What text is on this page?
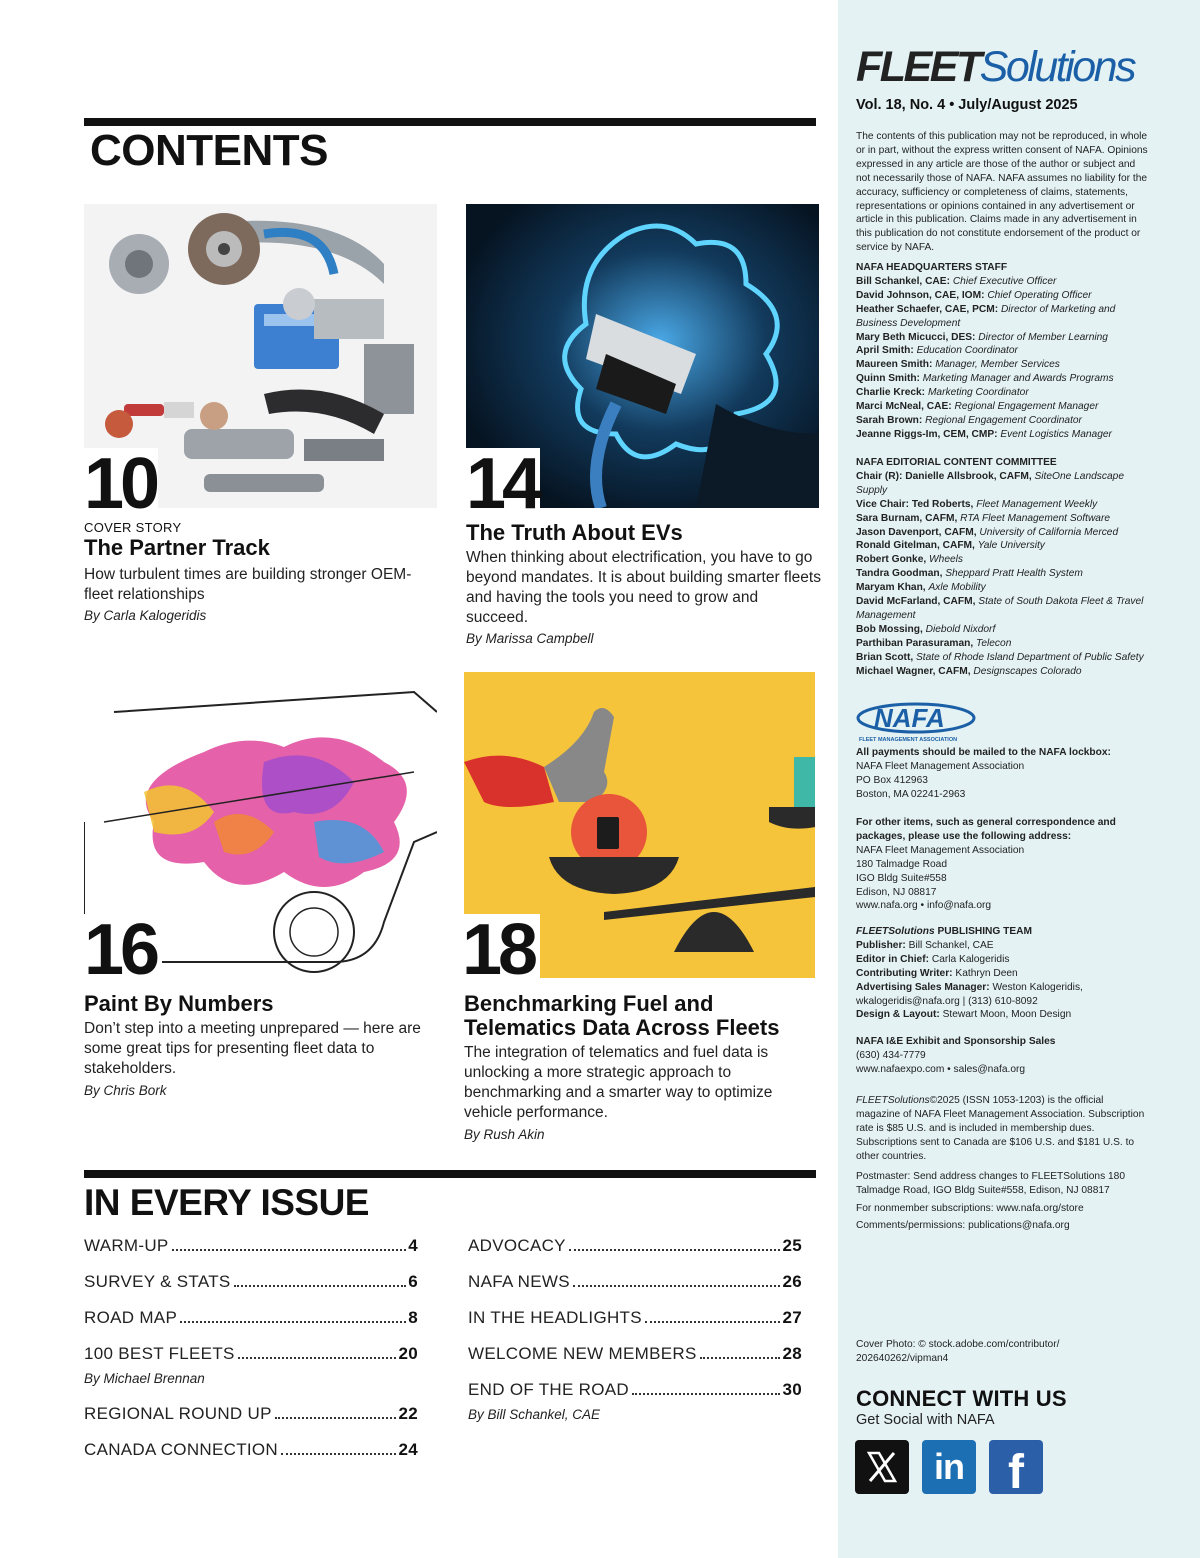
CONTENTS
10
COVER STORY
The Partner Track
How turbulent times are building stronger OEM-fleet relationships
By Carla Kalogeridis
14
The Truth About EVs
When thinking about electrification, you have to go beyond mandates. It is about building smarter fleets and having the tools you need to grow and succeed.
By Marissa Campbell
16
Paint By Numbers
Don’t step into a meeting unprepared — here are some great tips for presenting fleet data to stakeholders.
By Chris Bork
18
Benchmarking Fuel and Telematics Data Across Fleets
The integration of telematics and fuel data is unlocking a more strategic approach to benchmarking and a smarter way to optimize vehicle performance.
By Rush Akin
IN EVERY ISSUE
WARM-UP	4
SURVEY & STATS	6
ROAD MAP	8
100 BEST FLEETS	20
By Michael Brennan
REGIONAL ROUND UP	22
CANADA CONNECTION	24
ADVOCACY	25
NAFA NEWS	26
IN THE HEADLIGHTS	27
WELCOME NEW MEMBERS	28
END OF THE ROAD	30
By Bill Schankel, CAE
FLEETSolutions
Vol. 18, No. 4 • July/August 2025
The contents of this publication may not be reproduced, in whole or in part, without the express written consent of NAFA. Opinions expressed in any article are those of the author or subject and not necessarily those of NAFA. NAFA assumes no liability for the accuracy, sufficiency or completeness of claims, statements, representations or opinions contained in any advertisement or article in this publication. Claims made in any advertisement in this publication do not constitute endorsement of the product or service by NAFA.
NAFA HEADQUARTERS STAFF
Bill Schankel, CAE: Chief Executive Officer
David Johnson, CAE, IOM: Chief Operating Officer
Heather Schaefer, CAE, PCM: Director of Marketing and Business Development
Mary Beth Micucci, DES: Director of Member Learning
April Smith: Education Coordinator
Maureen Smith: Manager, Member Services
Quinn Smith: Marketing Manager and Awards Programs
Charlie Kreck: Marketing Coordinator
Marci McNeal, CAE: Regional Engagement Manager
Sarah Brown: Regional Engagement Coordinator
Jeanne Riggs-Im, CEM, CMP: Event Logistics Manager
NAFA EDITORIAL CONTENT COMMITTEE
Chair (R): Danielle Allsbrook, CAFM, SiteOne Landscape Supply
Vice Chair: Ted Roberts, Fleet Management Weekly
Sara Burnam, CAFM, RTA Fleet Management Software
Jason Davenport, CAFM, University of California Merced
Ronald Gitelman, CAFM, Yale University
Robert Gonke, Wheels
Tandra Goodman, Sheppard Pratt Health System
Maryam Khan, Axle Mobility
David McFarland, CAFM, State of South Dakota Fleet & Travel Management
Bob Mossing, Diebold Nixdorf
Parthiban Parasuraman, Telecon
Brian Scott, State of Rhode Island Department of Public Safety
Michael Wagner, CAFM, Designscapes Colorado
NAFA
FLEET MANAGEMENT ASSOCIATION
All payments should be mailed to the NAFA lockbox:
NAFA Fleet Management Association
PO Box 412963
Boston, MA 02241-2963
For other items, such as general correspondence and packages, please use the following address:
NAFA Fleet Management Association
180 Talmadge Road
IGO Bldg Suite#558
Edison, NJ 08817
www.nafa.org • info@nafa.org
FLEETSolutions PUBLISHING TEAM
Publisher: Bill Schankel, CAE
Editor in Chief: Carla Kalogeridis
Contributing Writer: Kathryn Deen
Advertising Sales Manager: Weston Kalogeridis, wkalogeridis@nafa.org | (313) 610-8092
Design & Layout: Stewart Moon, Moon Design
NAFA I&E Exhibit and Sponsorship Sales
(630) 434-7779
www.nafaexpo.com • sales@nafa.org
FLEETSolutions©2025 (ISSN 1053-1203) is the official magazine of NAFA Fleet Management Association. Subscription rate is $85 U.S. and is included in membership dues. Subscriptions sent to Canada are $106 U.S. and $181 U.S. to other countries.
Postmaster: Send address changes to FLEETSolutions 180 Talmadge Road, IGO Bldg Suite#558, Edison, NJ 08817
For nonmember subscriptions: www.nafa.org/store
Comments/permissions: publications@nafa.org
Cover Photo: © stock.adobe.com/contributor/ 202640262/vipman4
CONNECT WITH US
Get Social with NAFA
in f
